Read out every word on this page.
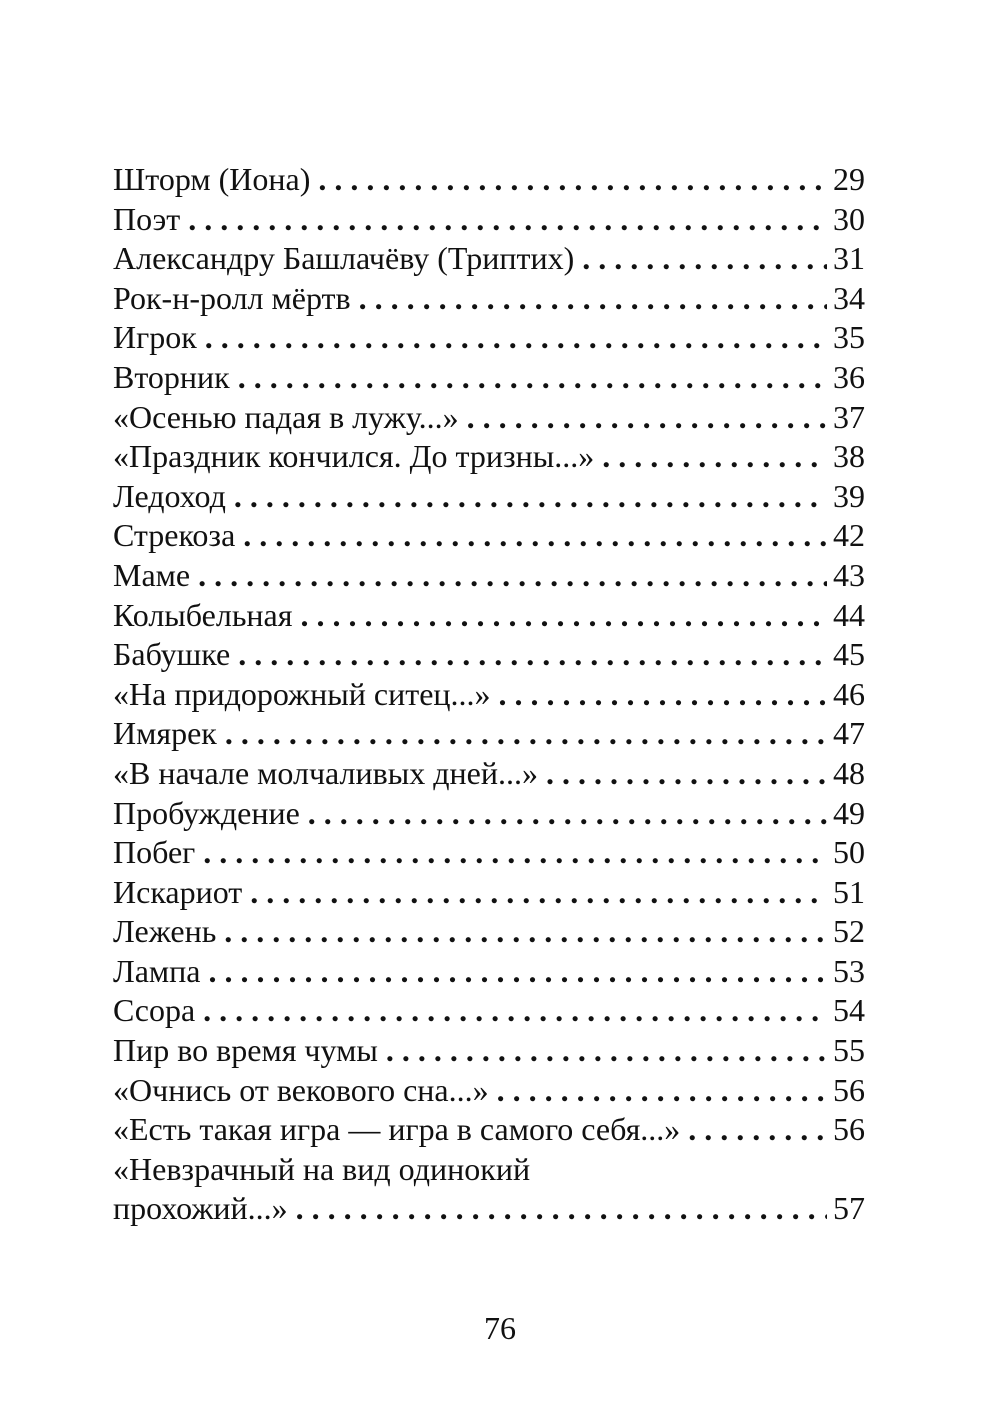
Шторм (Иона) . . .	29
Поэт . . .	30
Александру Башлачёву (Триптих) . . .	31
Рок-н-ролл мёртв . . .	34
Игрок . . .	35
Вторник . . .	36
«Осенью падая в лужу...» . . .	37
«Праздник кончился. До тризны...» . . .	38
Ледоход . . .	39
Стрекоза . . .	42
Маме . . .	43
Колыбельная . . .	44
Бабушке . . .	45
«На придорожный ситец...» . . .	46
Имярек . . .	47
«В начале молчаливых дней...» . . .	48
Пробуждение . . .	49
Побег . . .	50
Искариот . . .	51
Лежень . . .	52
Лампа . . .	53
Ссора . . .	54
Пир во время чумы . . .	55
«Очнись от векового сна...» . . .	56
«Есть такая игра — игра в самого себя...» . . .	56
«Невзрачный на вид одинокий
прохожий...» . . .	57
76
